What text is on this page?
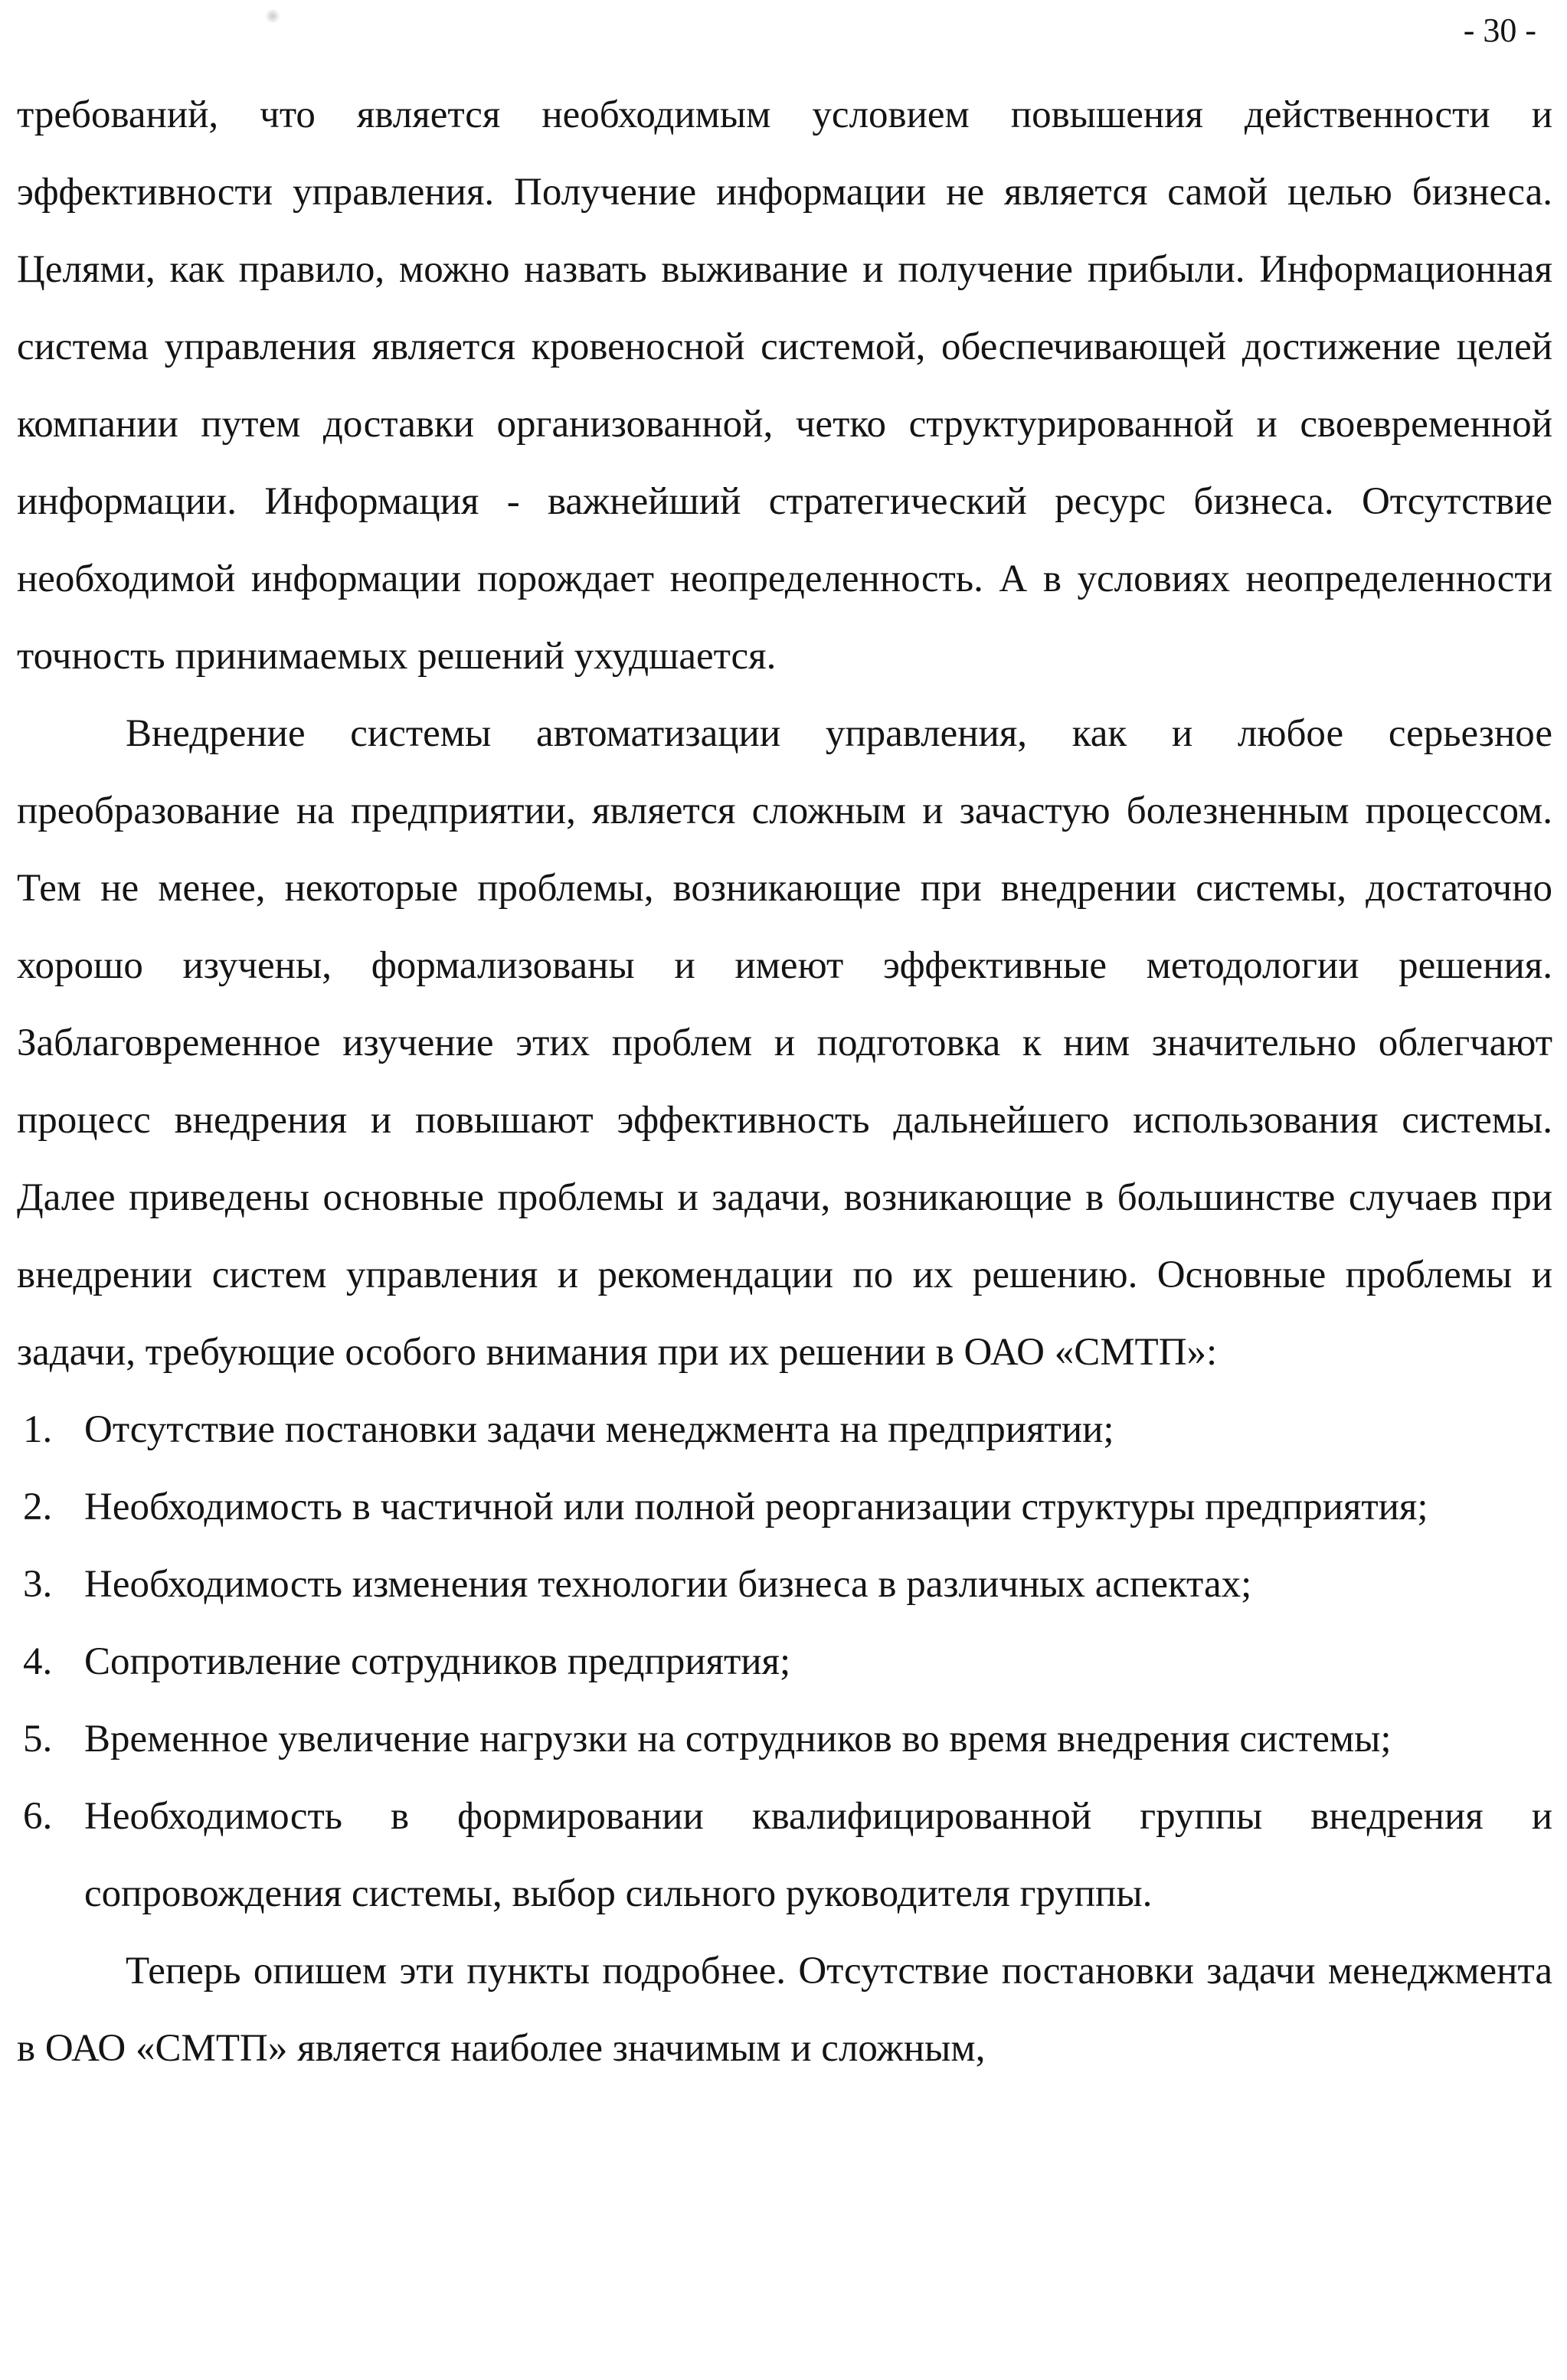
- 30 -

требований, что является необходимым условием повышения действенности и эффективности управления. Получение информации не является самой целью бизнеса. Целями, как правило, можно назвать выживание и получение прибыли. Информационная система управления является кровеносной системой, обеспечивающей достижение целей компании путем доставки организованной, четко структурированной и своевременной информации. Информация - важнейший стратегический ресурс бизнеса. Отсутствие необходимой информации порождает неопределенность. А в условиях неопределенности точность принимаемых решений ухудшается.

Внедрение системы автоматизации управления, как и любое серьезное преобразование на предприятии, является сложным и зачастую болезненным процессом. Тем не менее, некоторые проблемы, возникающие при внедрении системы, достаточно хорошо изучены, формализованы и имеют эффективные методологии решения. Заблаговременное изучение этих проблем и подготовка к ним значительно облегчают процесс внедрения и повышают эффективность дальнейшего использования системы. Далее приведены основные проблемы и задачи, возникающие в большинстве случаев при внедрении систем управления и рекомендации по их решению. Основные проблемы и задачи, требующие особого внимания при их решении в ОАО «СМТП»:

1. Отсутствие постановки задачи менеджмента на предприятии;
2. Необходимость в частичной или полной реорганизации структуры предприятия;
3. Необходимость изменения технологии бизнеса в различных аспектах;
4. Сопротивление сотрудников предприятия;
5. Временное увеличение нагрузки на сотрудников во время внедрения системы;
6. Необходимость в формировании квалифицированной группы внедрения и сопровождения системы, выбор сильного руководителя группы.

Теперь опишем эти пункты подробнее. Отсутствие постановки задачи менеджмента в ОАО «СМТП» является наиболее значимым и сложным,
